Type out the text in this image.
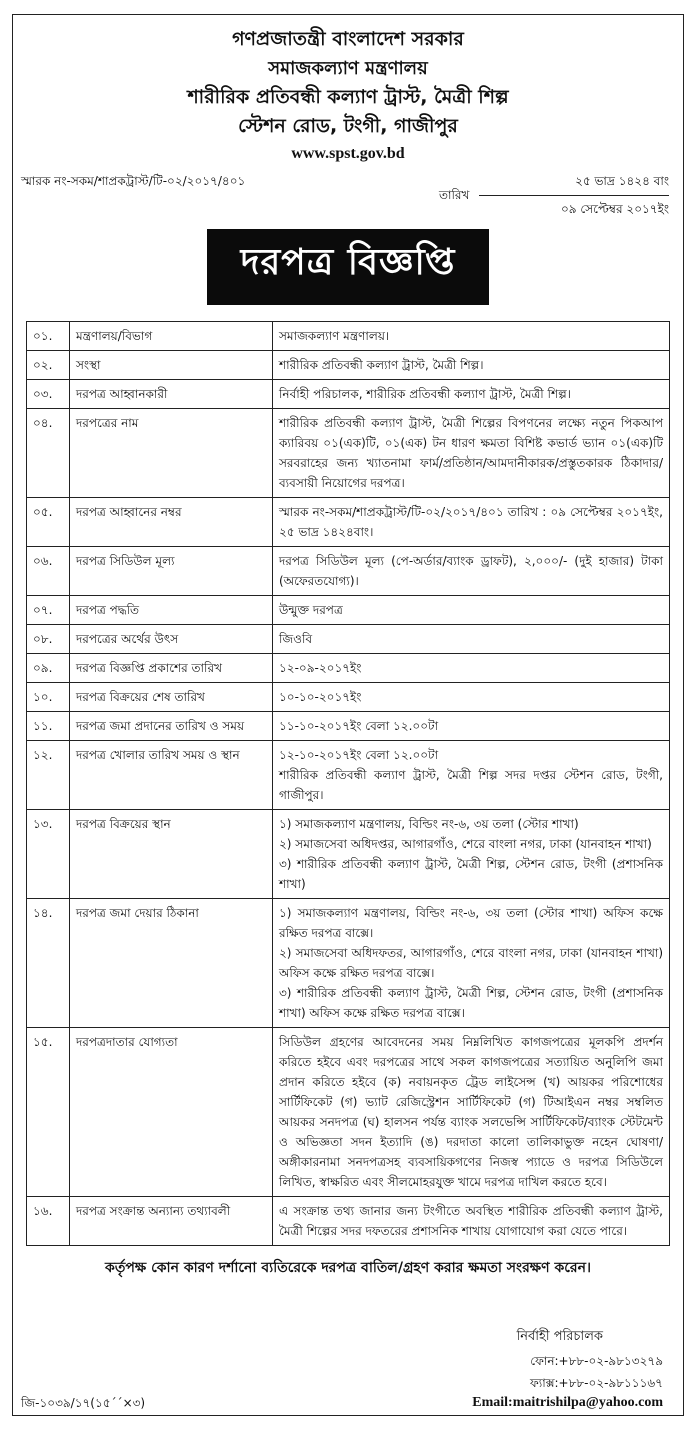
গণপ্রজাতন্ত্রী বাংলাদেশ সরকার
সমাজকল্যাণ মন্ত্রণালয়
শারীরিক প্রতিবন্ধী কল্যাণ ট্রাস্ট, মৈত্রী শিল্প
স্টেশন রোড, টংগী, গাজীপুর
www.spst.gov.bd
স্মারক নং-সকম/শাপ্রকট্রাস্ট/টি-০২/২০১৭/৪০১
তারিখ
২৫ ভাদ্র ১৪২৪ বাং
০৯ সেপ্টেম্বর ২০১৭ইং
দরপত্র বিজ্ঞপ্তি
০১.	মন্ত্রণালয়/বিভাগ	সমাজকল্যাণ মন্ত্রণালয়।

০২.	সংস্থা	শারীরিক প্রতিবন্ধী কল্যাণ ট্রাস্ট, মৈত্রী শিল্প।

০৩.	দরপত্র আহ্বানকারী	নির্বাহী পরিচালক, শারীরিক প্রতিবন্ধী কল্যাণ ট্রাস্ট, মৈত্রী শিল্প।

০৪.	দরপত্রের নাম	শারীরিক প্রতিবন্ধী কল্যাণ ট্রাস্ট, মৈত্রী শিল্পের বিপণনের লক্ষ্যে নতুন পিকআপ ক্যারিবয় ০১(এক)টি, ০১(এক) টন ধারণ ক্ষমতা বিশিষ্ট কভার্ড ভ্যান ০১(এক)টি সরবরাহের জন্য খ্যাতনামা ফার্ম/প্রতিষ্ঠান/আমদানীকারক/প্রস্তুতকারক ঠিকাদার/ব্যবসায়ী নিয়োগের দরপত্র।

০৫.	দরপত্র আহ্বানের নম্বর	স্মারক নং-সকম/শাপ্রকট্রাস্ট/টি-০২/২০১৭/৪০১ তারিখ : ০৯ সেপ্টেম্বর ২০১৭ইং, ২৫ ভাদ্র ১৪২৪বাং।

০৬.	দরপত্র সিডিউল মূল্য	দরপত্র সিডিউল মূল্য (পে-অর্ডার/ব্যাংক ড্রাফট), ২,০০০/- (দুই হাজার) টাকা (অফেরতযোগ্য)।

০৭.	দরপত্র পদ্ধতি	উন্মুক্ত দরপত্র

০৮.	দরপত্রের অর্থের উৎস	জিওবি

০৯.	দরপত্র বিজ্ঞপ্তি প্রকাশের তারিখ	১২-০৯-২০১৭ইং

১০.	দরপত্র বিক্রয়ের শেষ তারিখ	১০-১০-২০১৭ইং

১১.	দরপত্র জমা প্রদানের তারিখ ও সময়	১১-১০-২০১৭ইং বেলা ১২.০০টা

১২.	দরপত্র খোলার তারিখ সময় ও স্থান	১২-১০-২০১৭ইং বেলা ১২.০০টা
শারীরিক প্রতিবন্ধী কল্যাণ ট্রাস্ট, মৈত্রী শিল্প সদর দপ্তর স্টেশন রোড, টংগী, গাজীপুর।

১৩.	দরপত্র বিক্রয়ের স্থান	১) সমাজকল্যাণ মন্ত্রণালয়, বিল্ডিং নং-৬, ৩য় তলা (স্টোর শাখা)
২) সমাজসেবা অধিদপ্তর, আগারগাঁও, শেরে বাংলা নগর, ঢাকা (যানবাহন শাখা)
৩) শারীরিক প্রতিবন্ধী কল্যাণ ট্রাস্ট, মৈত্রী শিল্প, স্টেশন রোড, টংগী (প্রশাসনিক শাখা)

১৪.	দরপত্র জমা দেয়ার ঠিকানা	১) সমাজকল্যাণ মন্ত্রণালয়, বিল্ডিং নং-৬, ৩য় তলা (স্টোর শাখা) অফিস কক্ষে রক্ষিত দরপত্র বাক্সে।
২) সমাজসেবা অধিদফতর, আগারগাঁও, শেরে বাংলা নগর, ঢাকা (যানবাহন শাখা) অফিস কক্ষে রক্ষিত দরপত্র বাক্সে।
৩) শারীরিক প্রতিবন্ধী কল্যাণ ট্রাস্ট, মৈত্রী শিল্প, স্টেশন রোড, টংগী (প্রশাসনিক শাখা) অফিস কক্ষে রক্ষিত দরপত্র বাক্সে।

১৫.	দরপত্রদাতার যোগ্যতা	সিডিউল গ্রহণের আবেদনের সময় নিম্নলিখিত কাগজপত্রের মূলকপি প্রদর্শন করিতে হইবে এবং দরপত্রের সাথে সকল কাগজপত্রের সত্যায়িত অনুলিপি জমা প্রদান করিতে হইবে (ক) নবায়নকৃত ট্রেড লাইসেন্স (খ) আয়কর পরিশোধের সার্টিফিকেট (গ) ভ্যাট রেজিস্ট্রেশন সার্টিফিকেট (গ) টিআইএন নম্বর সম্বলিত আয়কর সনদপত্র (ঘ) হালসন পর্যন্ত ব্যাংক সলভেন্সি সার্টিফিকেট/ব্যাংক স্টেটমেন্ট ও অভিজ্ঞতা সদন ইত্যাদি (ঙ) দরদাতা কালো তালিকাভুক্ত নহেন ঘোষণা/অঙ্গীকারনামা সনদপত্রসহ ব্যবসায়িকগণের নিজস্ব প্যাডে ও দরপত্র সিডিউলে লিখিত, স্বাক্ষরিত এবং সীলমোহরযুক্ত খামে দরপত্র দাখিল করতে হবে।

১৬.	দরপত্র সংক্রান্ত অন্যান্য তথ্যাবলী	এ সংক্রান্ত তথ্য জানার জন্য টংগীতে অবস্থিত শারীরিক প্রতিবন্ধী কল্যাণ ট্রাস্ট, মৈত্রী শিল্পের সদর দফতরের প্রশাসনিক শাখায় যোগাযোগ করা যেতে পারে।
কর্তৃপক্ষ কোন কারণ দর্শানো ব্যতিরেকে দরপত্র বাতিল/গ্রহণ করার ক্ষমতা সংরক্ষণ করেন।
নির্বাহী পরিচালক
ফোন:+৮৮-০২-৯৮১৩২৭৯
ফ্যাক্স:+৮৮-০২-৯৮১১১৬৭
Email:maitrishilpa@yahoo.com
জি-১০৩৯/১৭(১৫´´×৩)
